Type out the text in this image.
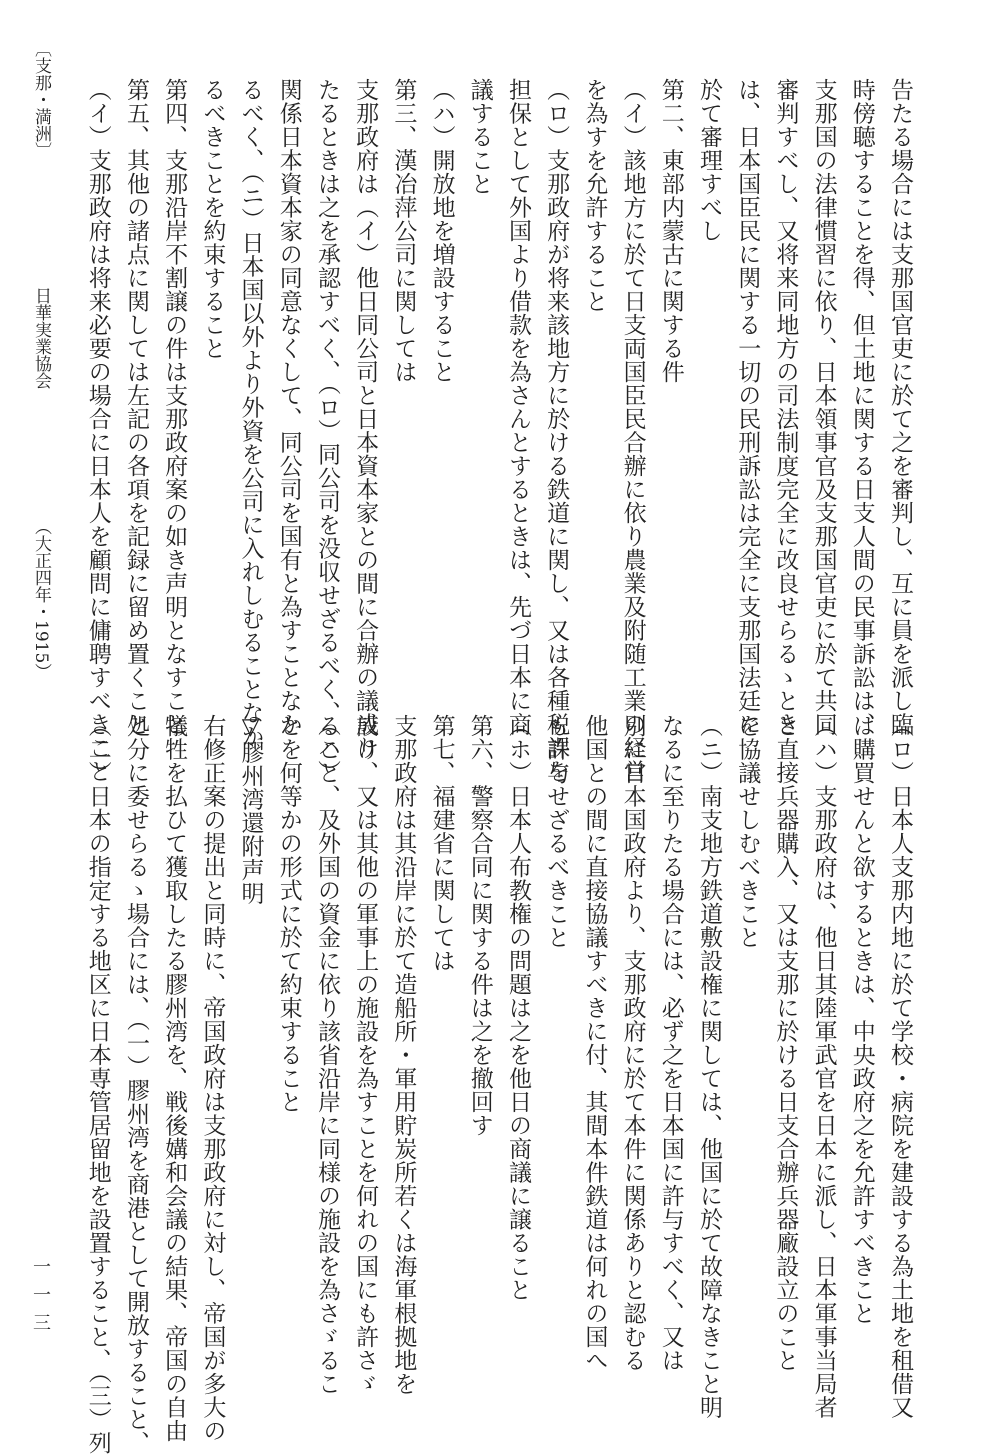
告たる場合には支那国官吏に於て之を審判し、互に員を派し臨

時傍聴することを得、但土地に関する日支人間の民事訴訟は、

支那国の法律慣習に依り、日本領事官及支那国官吏に於て共同

審判すべし、又将来同地方の司法制度完全に改良せらるゝとき

は、日本国臣民に関する一切の民刑訴訟は完全に支那国法廷に

於て審理すべし

第二、東部内蒙古に関する件

（イ）該地方に於て日支両国臣民合辦に依り農業及附随工業の経営

を為すを允許すること

（ロ）支那政府が将来該地方に於ける鉄道に関し、又は各種税課を

担保として外国より借款を為さんとするときは、先づ日本に商

議すること

（ハ）開放地を増設すること

第三、漢冶萍公司に関しては

支那政府は（イ）他日同公司と日本資本家との間に合辦の議成り

たるときは之を承認すべく、（ロ）同公司を没収せざるべく、（ハ）

関係日本資本家の同意なくして、同公司を国有と為すことなか

るべく、（ニ）日本国以外より外資を公司に入れしむることなか

るべきことを約束すること

第四、支那沿岸不割譲の件は支那政府案の如き声明となすこと

第五、其他の諸点に関しては左記の各項を記録に留め置くこと

（イ）支那政府は将来必要の場合に日本人を顧問に傭聘すべきこと

（ロ）日本人支那内地に於て学校・病院を建設する為土地を租借又

は購買せんと欲するときは、中央政府之を允許すべきこと

（ハ）支那政府は、他日其陸軍武官を日本に派し、日本軍事当局者

と直接兵器購入、又は支那に於ける日支合辦兵器廠設立のこと

を協議せしむべきこと

（ニ）南支地方鉄道敷設権に関しては、他国に於て故障なきこと明

なるに至りたる場合には、必ず之を日本国に許与すべく、又は

別に日本国政府より、支那政府に於て本件に関係ありと認むる

他国との間に直接協議すべきに付、其間本件鉄道は何れの国へ

も許与せざるべきこと

（ホ）日本人布教権の問題は之を他日の商議に譲ること

第六、警察合同に関する件は之を撤回す

第七、福建省に関しては

支那政府は其沿岸に於て造船所・軍用貯炭所若くは海軍根拠地を

設け、又は其他の軍事上の施設を為すことを何れの国にも許さゞ

ること、及外国の資金に依り該省沿岸に同様の施設を為さゞるこ

とを何等かの形式に於て約束すること

▽膠州湾還附声明

右修正案の提出と同時に、帝国政府は支那政府に対し、帝国が多大の

犠牲を払ひて獲取したる膠州湾を、戦後媾和会議の結果、帝国の自由

処分に委せらるゝ場合には、（一）膠州湾を商港として開放すること、

（二）日本の指定する地区に日本専管居留地を設置すること、（三）列

〔支那・満洲〕
日華実業協会
（大正四年・1915）
一一三
